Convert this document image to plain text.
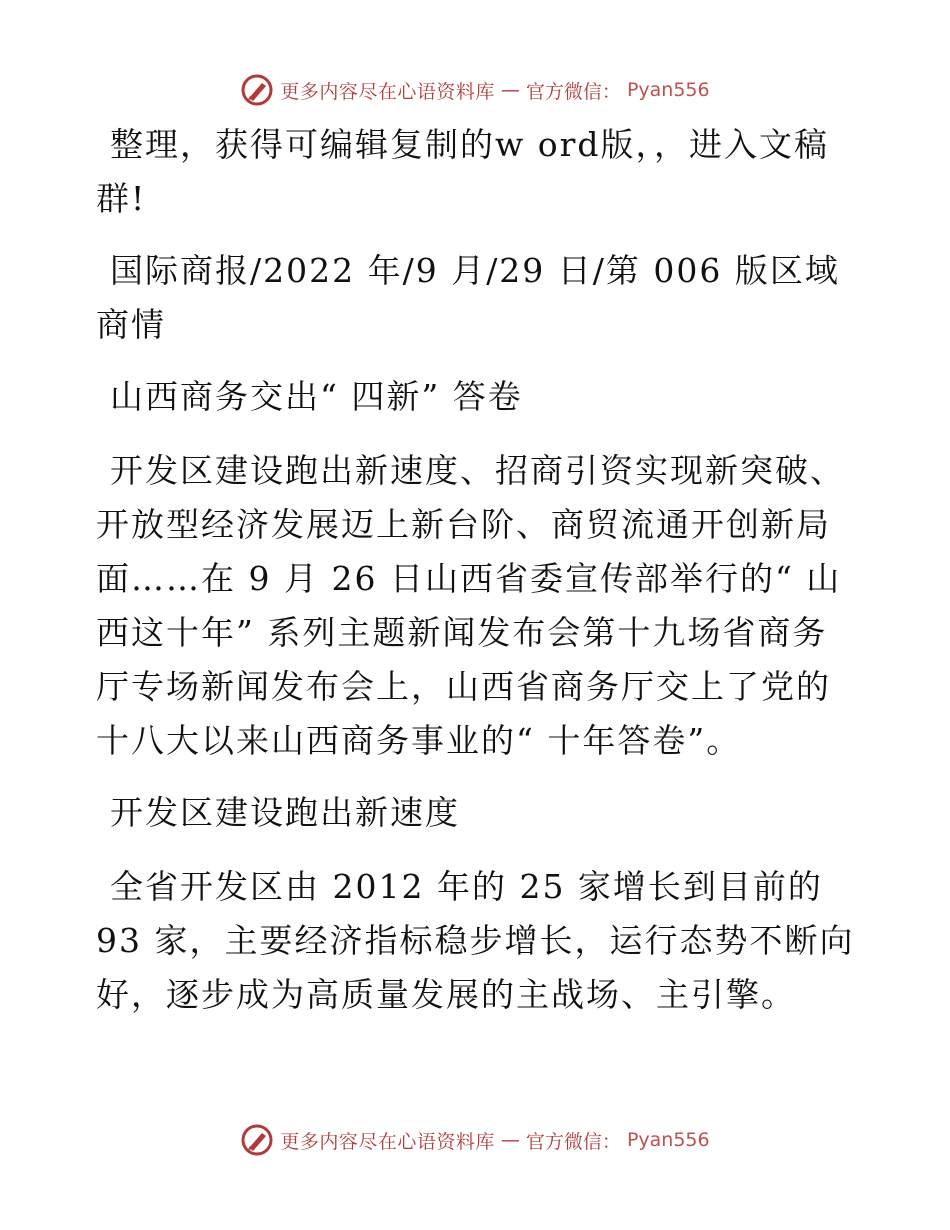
更多内容尽在心语资料库 — 官方微信： Pyan556

整理，获得可编辑复制的w ord版，，进入文稿群!

国际商报/2022 年/9 月/29 日/第 006 版区域商情

山西商务交出“ 四新” 答卷

开发区建设跑出新速度、招商引资实现新突破、开放型经济发展迈上新台阶、商贸流通开创新局面……在 9 月 26 日山西省委宣传部举行的“ 山西这十年” 系列主题新闻发布会第十九场省商务厅专场新闻发布会上，山西省商务厅交上了党的十八大以来山西商务事业的“ 十年答卷”。

开发区建设跑出新速度

全省开发区由 2012 年的 25 家增长到目前的 93 家，主要经济指标稳步增长，运行态势不断向好，逐步成为高质量发展的主战场、主引擎。

更多内容尽在心语资料库 — 官方微信： Pyan556
